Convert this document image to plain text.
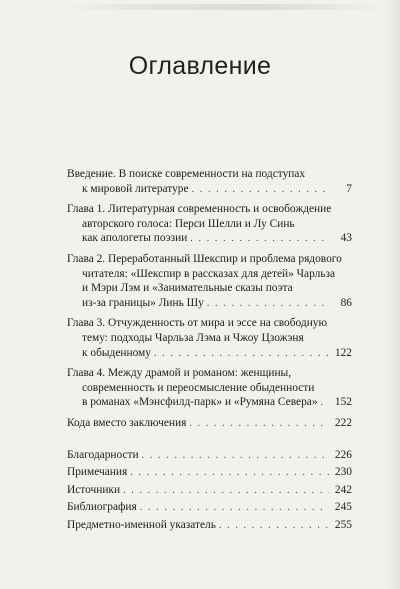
Оглавление
Введение. В поиске современности на подступах
к мировой литературе . . .	7
Глава 1. Литературная современность и освобождение
авторского голоса: Перси Шелли и Лу Синь
как апологеты поэзии . . .	43
Глава 2. Переработанный Шекспир и проблема рядового
читателя: «Шекспир в рассказах для детей» Чарльза
и Мэри Лэм и «Занимательные сказы поэта
из-за границы» Линь Шу . . .	86
Глава 3. Отчужденность от мира и эссе на свободную
тему: подходы Чарльза Лэма и Чжоу Цзожэня
к обыденному . . .	122
Глава 4. Между драмой и романом: женщины,
современность и переосмысление обыденности
в романах «Мэнсфилд-парк» и «Румяна Севера» . . . 152
Кода вместо заключения . . .	222
Благодарности . . .	226
Примечания . . .	230
Источники . . .	242
Библиография . . .	245
Предметно-именной указатель . . .	255
